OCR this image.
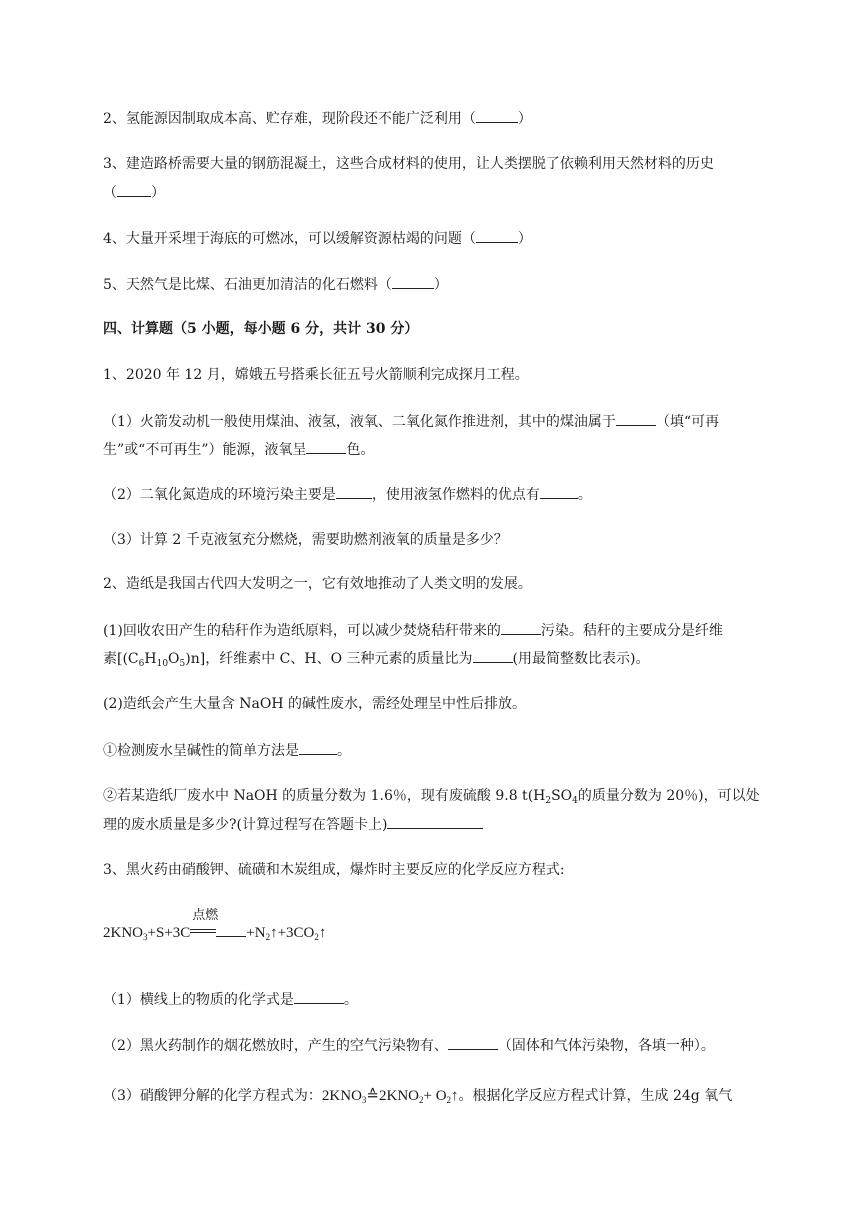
2、氢能源因制取成本高、贮存难，现阶段还不能广泛利用（	）
3、建造路桥需要大量的钢筋混凝土，这些合成材料的使用，让人类摆脱了依赖利用天然材料的历史
（ ）
4、大量开采埋于海底的可燃冰，可以缓解资源枯竭的问题（	）
5、天然气是比煤、石油更加清洁的化石燃料（	）
四、计算题（5 小题，每小题 6 分，共计 30 分）
1、2020 年 12 月，嫦娥五号搭乘长征五号火箭顺利完成探月工程。
（1）火箭发动机一般使用煤油、液氢，液氧、二氧化氮作推进剂，其中的煤油属于	（填“可再
生”或“不可再生”）能源，液氧呈	色。
（2）二氧化氮造成的环境污染主要是	，使用液氢作燃料的优点有	。
（3）计算 2 千克液氢充分燃烧，需要助燃剂液氧的质量是多少？
2、造纸是我国古代四大发明之一，它有效地推动了人类文明的发展。
(1)回收农田产生的秸秆作为造纸原料，可以减少焚烧秸秆带来的	污染。秸秆的主要成分是纤维
素$[(C_6H_{10}O_5)n]$，纤维素中 C、H、O 三种元素的质量比为	(用最简整数比表示)。
(2)造纸会产生大量含 NaOH 的碱性废水，需经处理呈中性后排放。
①检测废水呈碱性的简单方法是	。
②若某造纸厂废水中 NaOH 的质量分数为 1.6％，现有废硫酸 9.8 $t(H_2SO_4$的质量分数为 20％)，可以处
理的废水质量是多少?(计算过程写在答题卡上)
3、黑火药由硝酸钾、硫磺和木炭组成，爆炸时主要反应的化学反应方程式:
$2KNO_3+S+3C$
点燃
$+N_2↑+3CO_2↑$
（1）横线上的物质的化学式是	。
（2）黑火药制作的烟花燃放时，产生的空气污染物有、	（固体和气体污染物，各填一种）。
（3）硝酸钾分解的化学方程式为：$2KNO_3≙2KNO_2+$ $O_2↑$。根据化学反应方程式计算，生成 24g 氧气
